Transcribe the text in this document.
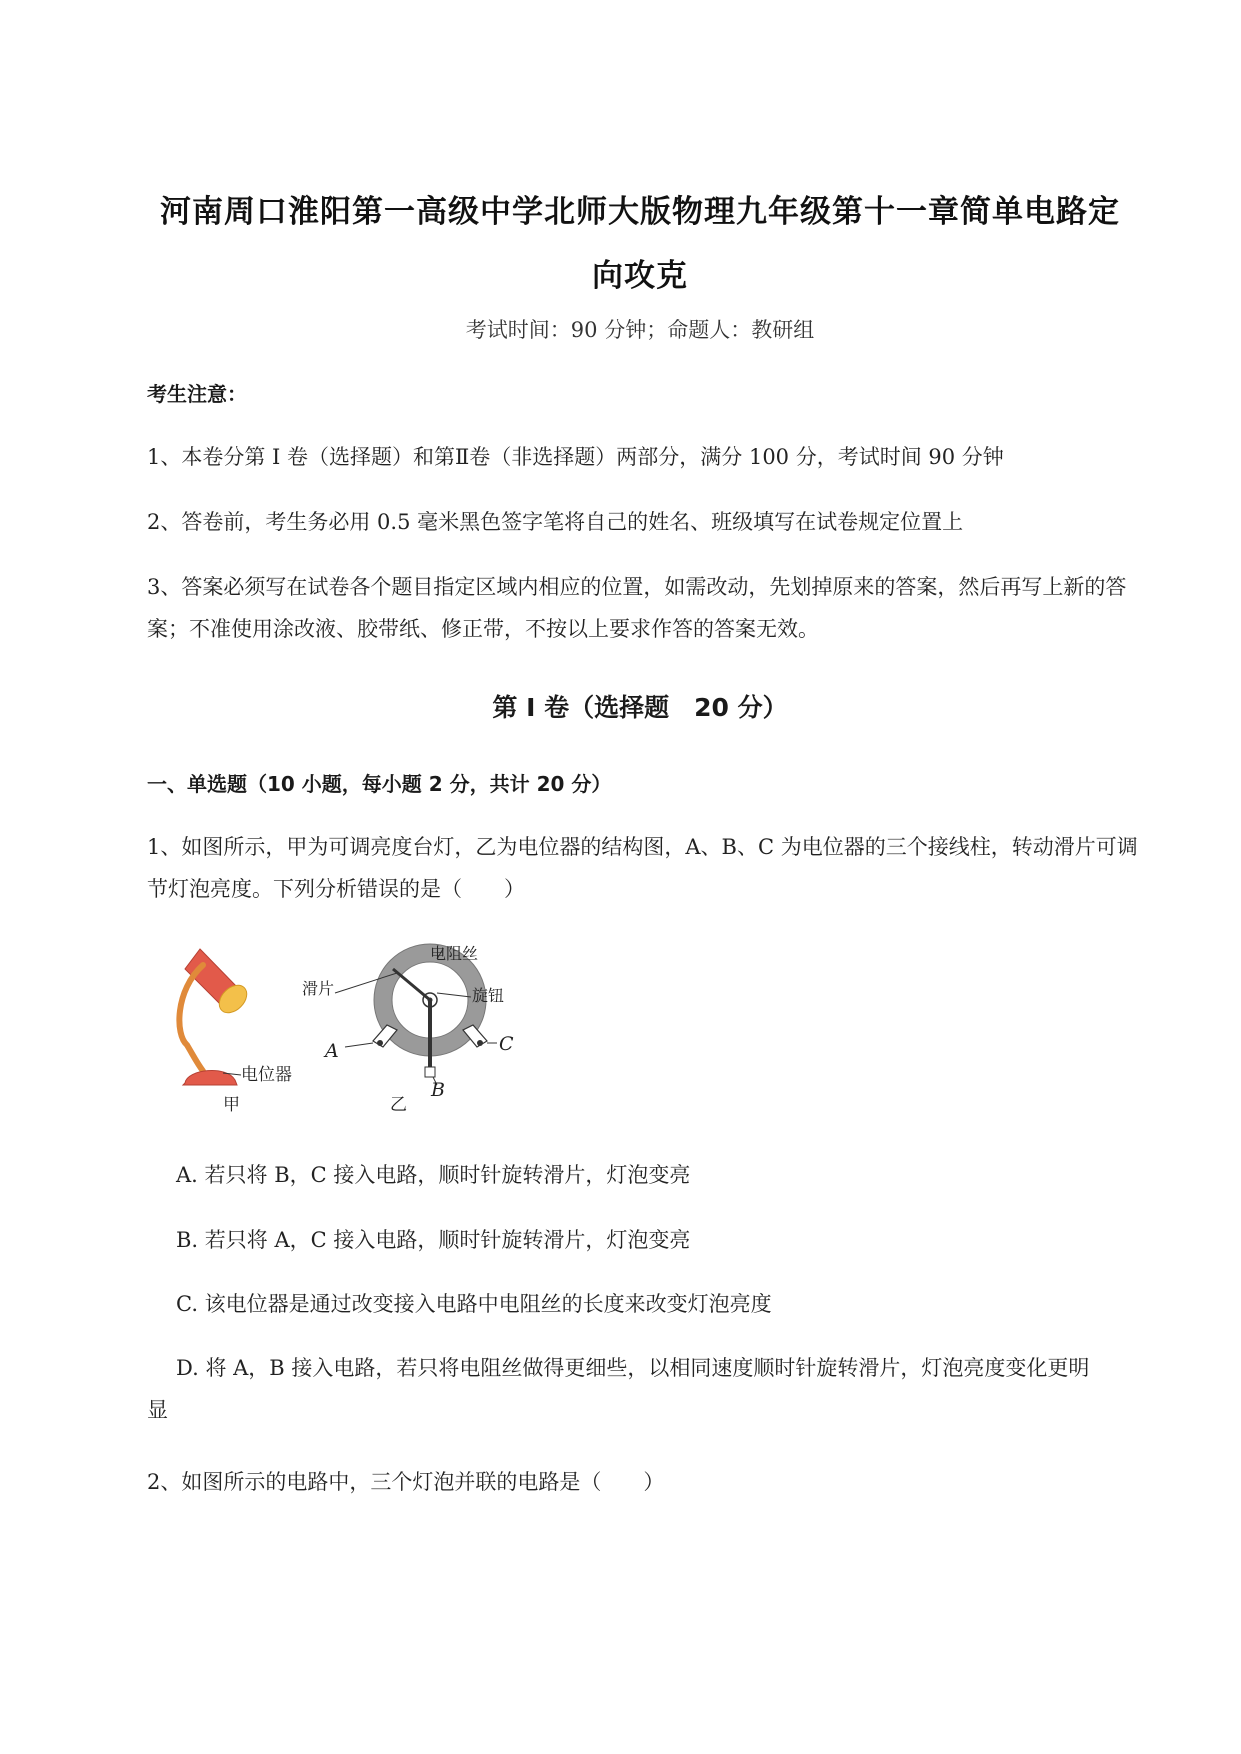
河南周口淮阳第一高级中学北师大版物理九年级第十一章简单电路定
向攻克
考试时间：90 分钟；命题人：教研组
考生注意：
1、本卷分第 I 卷（选择题）和第Ⅱ卷（非选择题）两部分，满分 100 分，考试时间 90 分钟
2、答卷前，考生务必用 0.5 毫米黑色签字笔将自己的姓名、班级填写在试卷规定位置上
3、答案必须写在试卷各个题目指定区域内相应的位置，如需改动，先划掉原来的答案，然后再写上新的答案；不准使用涂改液、胶带纸、修正带，不按以上要求作答的答案无效。
第 I 卷（选择题　20 分）
一、单选题（10 小题，每小题 2 分，共计 20 分）
1、如图所示，甲为可调亮度台灯，乙为电位器的结构图，A、B、C 为电位器的三个接线柱，转动滑片可调节灯泡亮度。下列分析错误的是（　　）
电位器
甲
滑片
电阻丝
旋钮
A
B
C
乙
A. 若只将 B，C 接入电路，顺时针旋转滑片，灯泡变亮
B. 若只将 A，C 接入电路，顺时针旋转滑片，灯泡变亮
C. 该电位器是通过改变接入电路中电阻丝的长度来改变灯泡亮度
D. 将 A，B 接入电路，若只将电阻丝做得更细些，以相同速度顺时针旋转滑片，灯泡亮度变化更明
显
2、如图所示的电路中，三个灯泡并联的电路是（　　）
